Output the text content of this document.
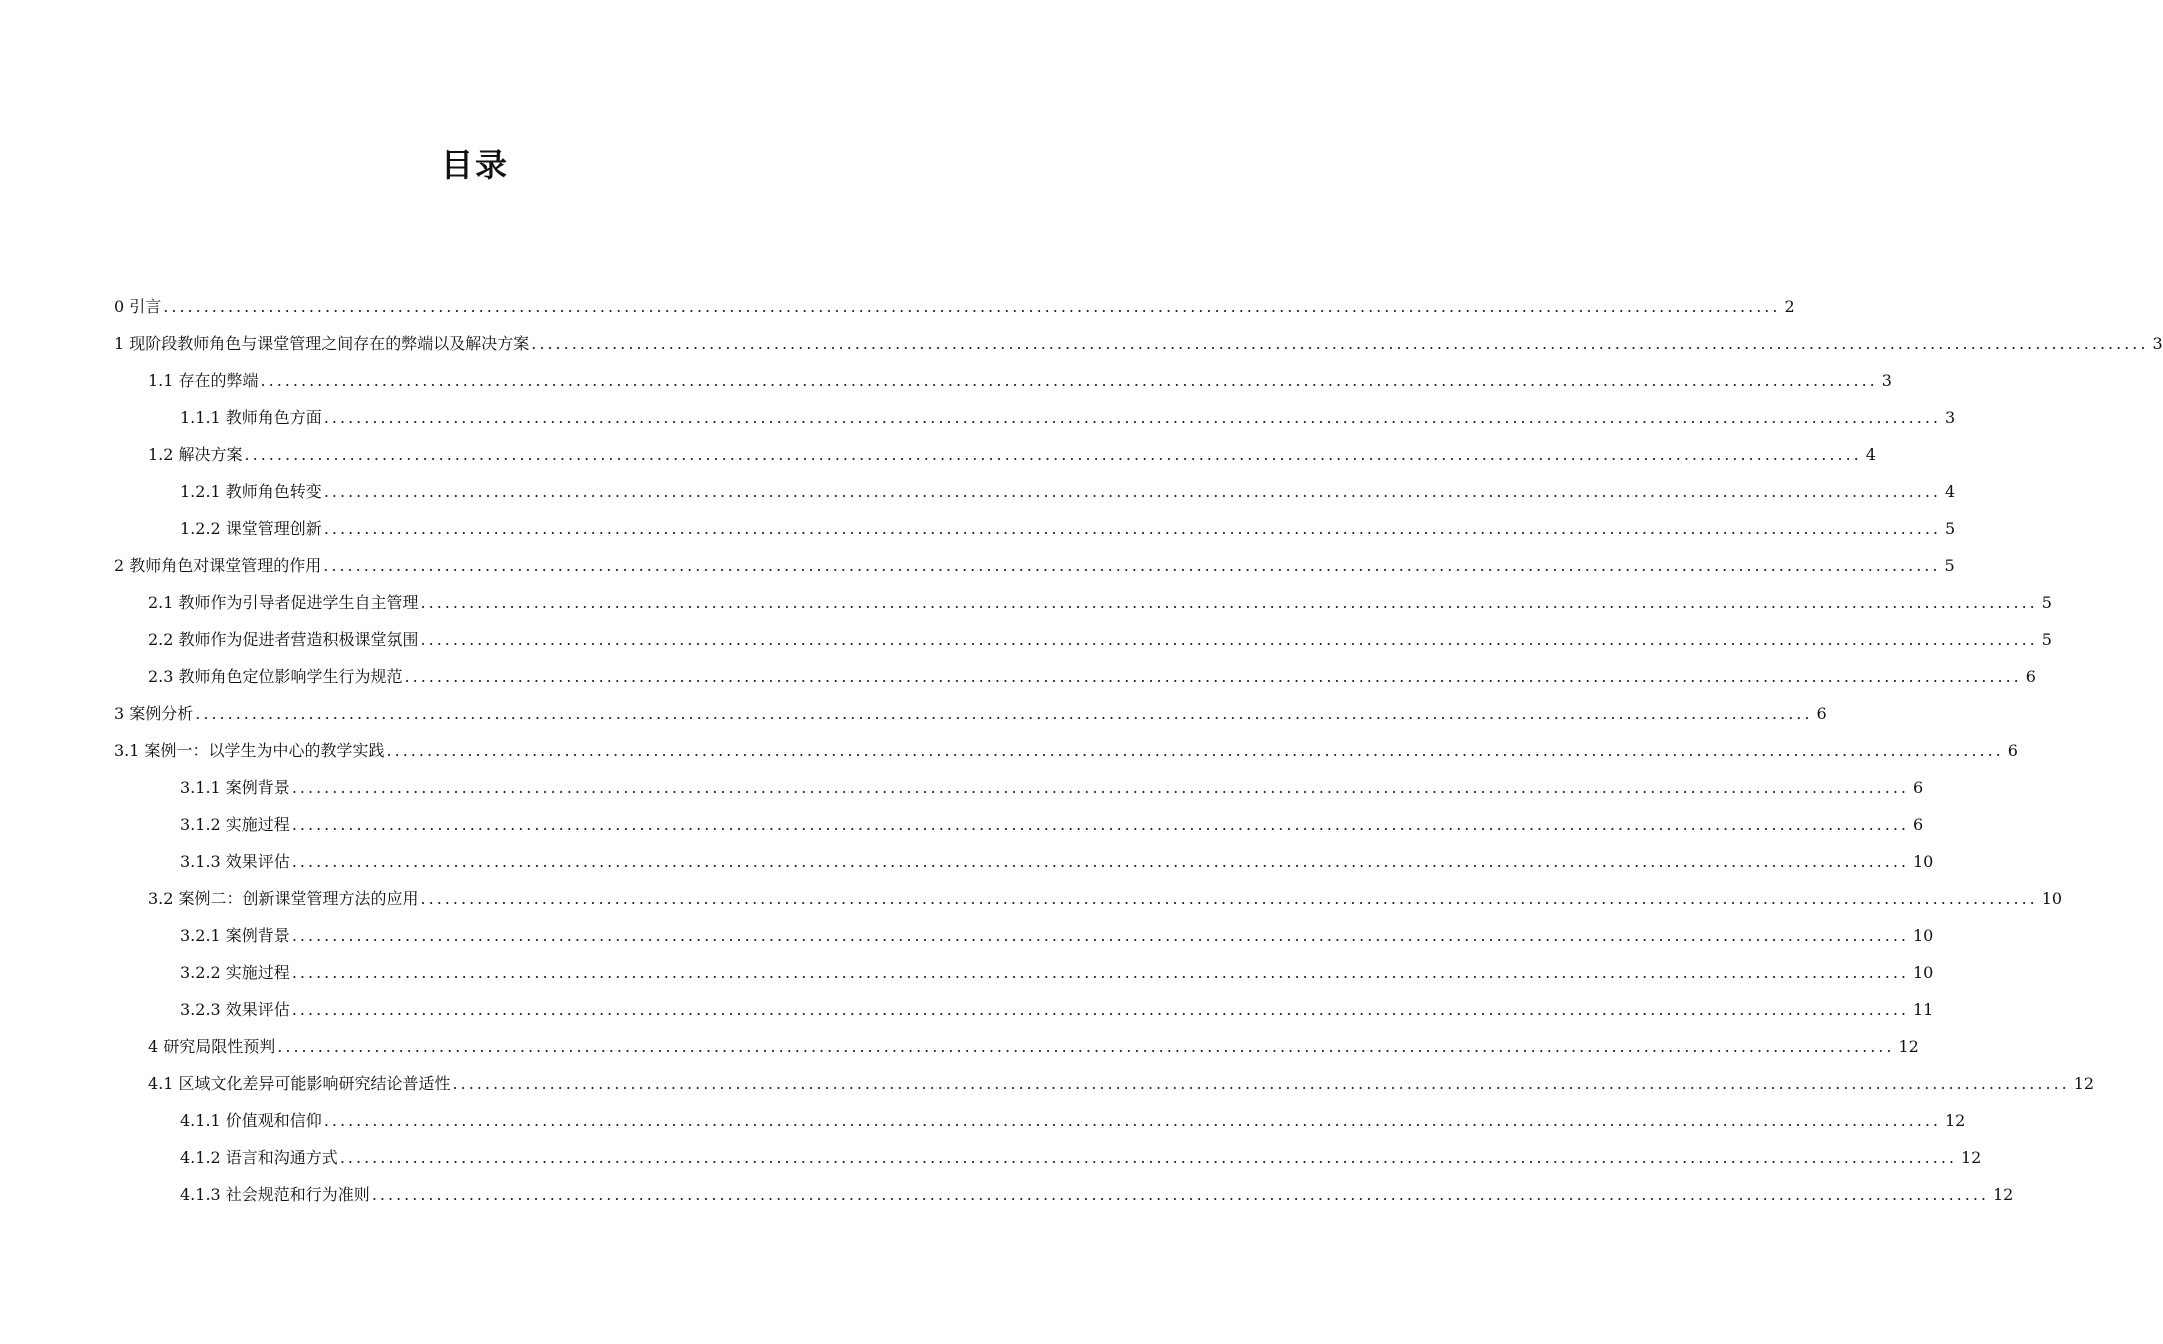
目录
0 引言 ........................................................................................................................................................................................................ 2
1 现阶段教师角色与课堂管理之间存在的弊端以及解决方案 ........................................................................................................................................................................................................ 3
1.1 存在的弊端 ........................................................................................................................................................................................................ 3
1.1.1 教师角色方面 ........................................................................................................................................................................................................ 3
1.2 解决方案 ........................................................................................................................................................................................................ 4
1.2.1 教师角色转变 ........................................................................................................................................................................................................ 4
1.2.2 课堂管理创新 ........................................................................................................................................................................................................ 5
2 教师角色对课堂管理的作用 ........................................................................................................................................................................................................ 5
2.1 教师作为引导者促进学生自主管理 ........................................................................................................................................................................................................ 5
2.2 教师作为促进者营造积极课堂氛围 ........................................................................................................................................................................................................ 5
2.3 教师角色定位影响学生行为规范 ........................................................................................................................................................................................................ 6
3 案例分析 ........................................................................................................................................................................................................ 6
3.1 案例一：以学生为中心的教学实践 ........................................................................................................................................................................................................ 6
3.1.1 案例背景 ........................................................................................................................................................................................................ 6
3.1.2 实施过程 ........................................................................................................................................................................................................ 6
3.1.3 效果评估 ........................................................................................................................................................................................................ 10
3.2 案例二：创新课堂管理方法的应用 ........................................................................................................................................................................................................ 10
3.2.1 案例背景 ........................................................................................................................................................................................................ 10
3.2.2 实施过程 ........................................................................................................................................................................................................ 10
3.2.3 效果评估 ........................................................................................................................................................................................................ 11
4 研究局限性预判 ........................................................................................................................................................................................................ 12
4.1 区域文化差异可能影响研究结论普适性 ........................................................................................................................................................................................................ 12
4.1.1 价值观和信仰 ........................................................................................................................................................................................................ 12
4.1.2 语言和沟通方式 ........................................................................................................................................................................................................ 12
4.1.3 社会规范和行为准则 ........................................................................................................................................................................................................ 12
